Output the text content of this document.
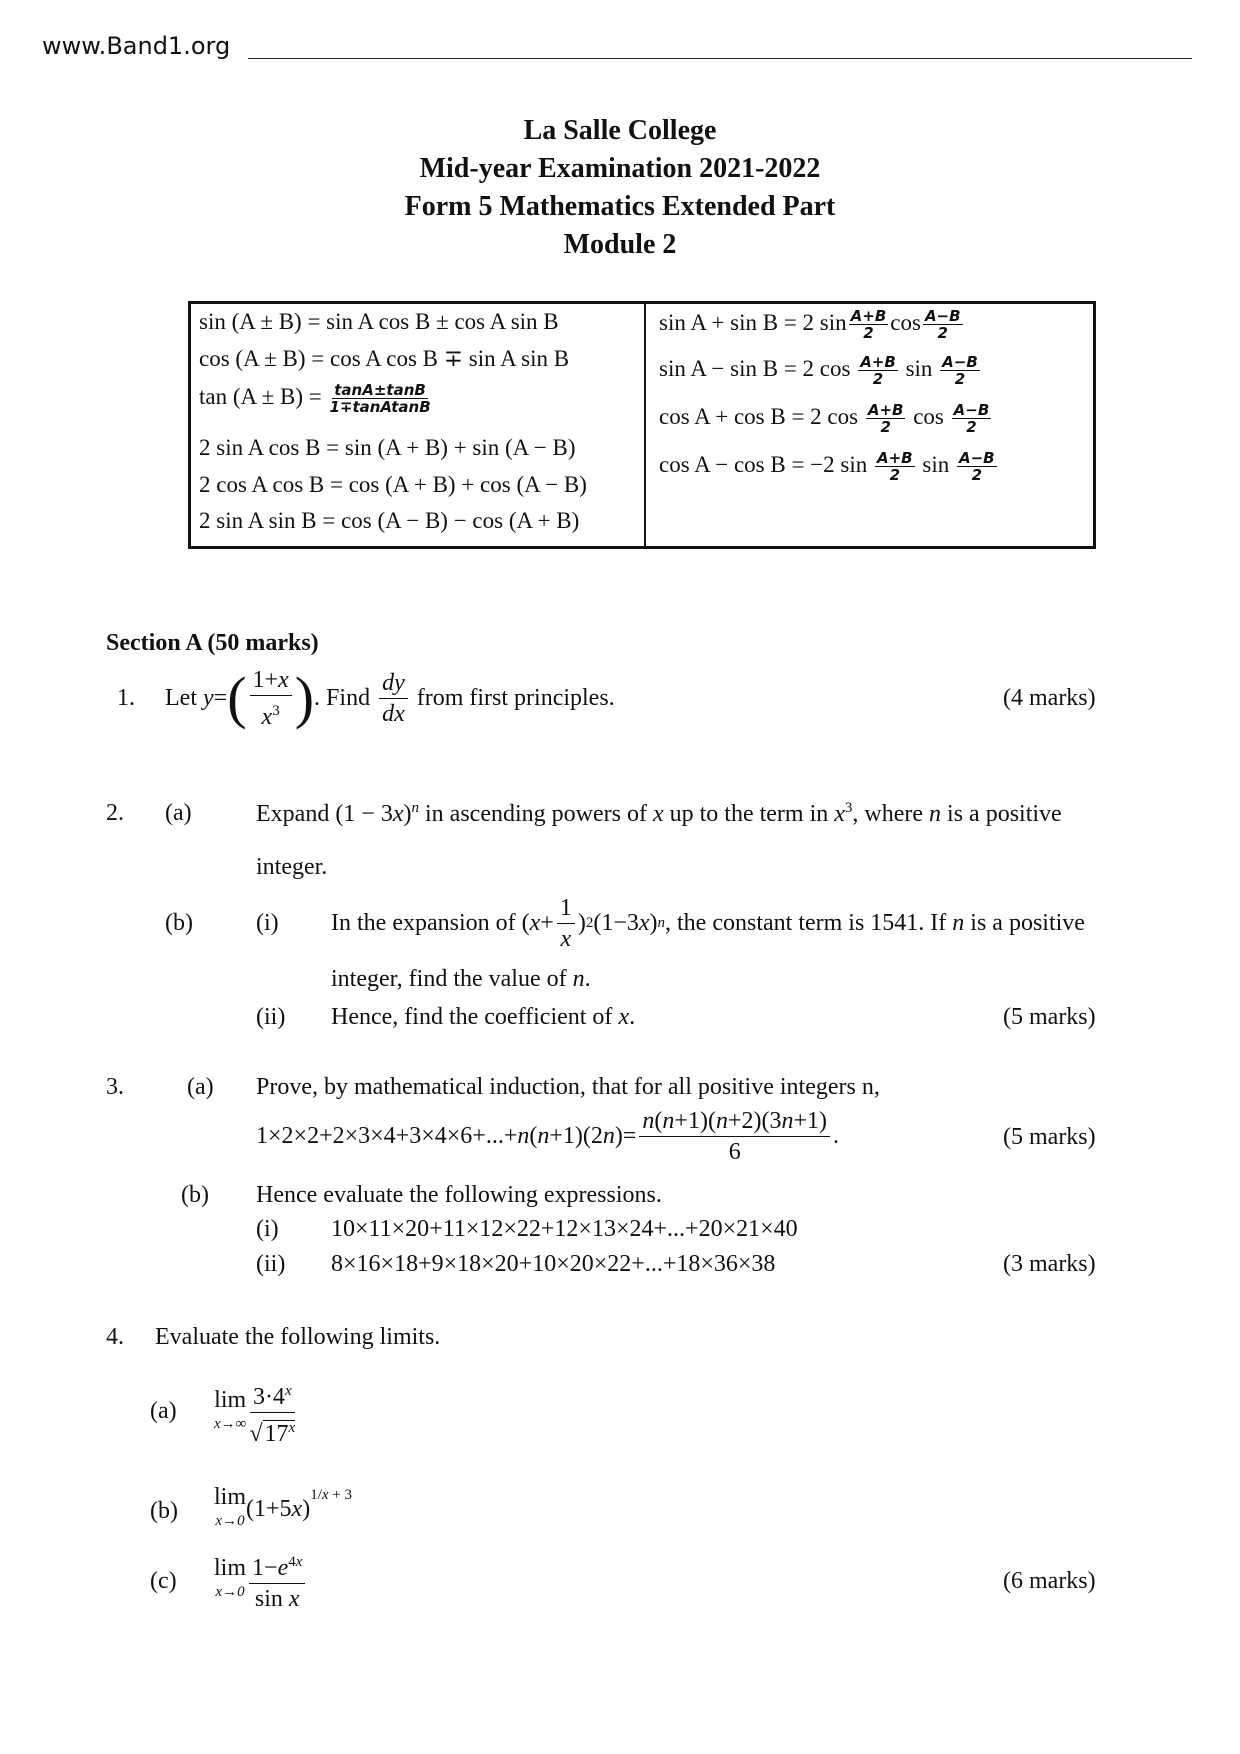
www.Band1.org
La Salle College
Mid-year Examination 2021-2022
Form 5 Mathematics Extended Part
Module 2
sin (A ± B) = sin A cos B ± cos A sin B
cos (A ± B) = cos A cos B ∓ sin A sin B
$\tan (A \pm B) = \frac{\tan A\pm\tan B}{\text{1∓tanAtanB}}$
2 sin A cos B = sin (A + B) + sin (A − B)
2 cos A cos B = cos (A + B) + cos (A − B)
2 sin A sin B = cos (A − B) − cos (A + B)
sin A + sin B = 2 $\sin \frac{A+B}{2}$ $\cos \frac{A-B}{2}$
sin A − sin B = 2 $\cos \frac{A+B}{2}$ $\sin \frac{A-B}{2}$
cos A + cos B = 2 $\cos \frac{A+B}{2}$ $\cos \frac{A-B}{2}$
cos A − cos B = −2 $\sin \frac{A+B}{2}$ $\sin \frac{A-B}{2}$
Section A (50 marks)
1. Let
y = ( $\frac{1+x}{x^3}$ ) . Find
$\frac{dy}{dx}$
from first principles.	(4 marks)
2. (a)	Expand $(1 - 3x)^n$ in ascending powers of x up to the term in $x^3$, where n is a positive
integer.
(b)	(i) In the expansion of ( $x + \frac{1}{x}$ ) 2 (1−3 x ) n , the constant term is 1541. If
n
is a positive
integer, find the value of n.
(ii) Hence, find the coefficient of x.	(5 marks)
3.	(a) Prove, by mathematical induction, that for all positive integers n,
1×2×2+2×3×4+3×4×6+...+ n ( n +1)(2 n )= $\frac{n(n+1)(n+2)(3n+1)}{6}$ .	(5 marks)
(b) Hence evaluate the following expressions.
(i) 10×11×20+11×12×22+12×13×24+...+20×21×40
(ii) 8×16×18+9×18×20+10×20×22+...+18×36×38	(3 marks)
4. Evaluate the following limits.
(a) lim
$x\to\infty \frac{3\cdot 4^x}{√17^x}$
(b)
lim
x→0 (1+5 x )
$^{1/x + 3}$
(c) lim
$x\to 0 \frac{1-e^{4x}}{\text{sin x}}$	(6 marks)
